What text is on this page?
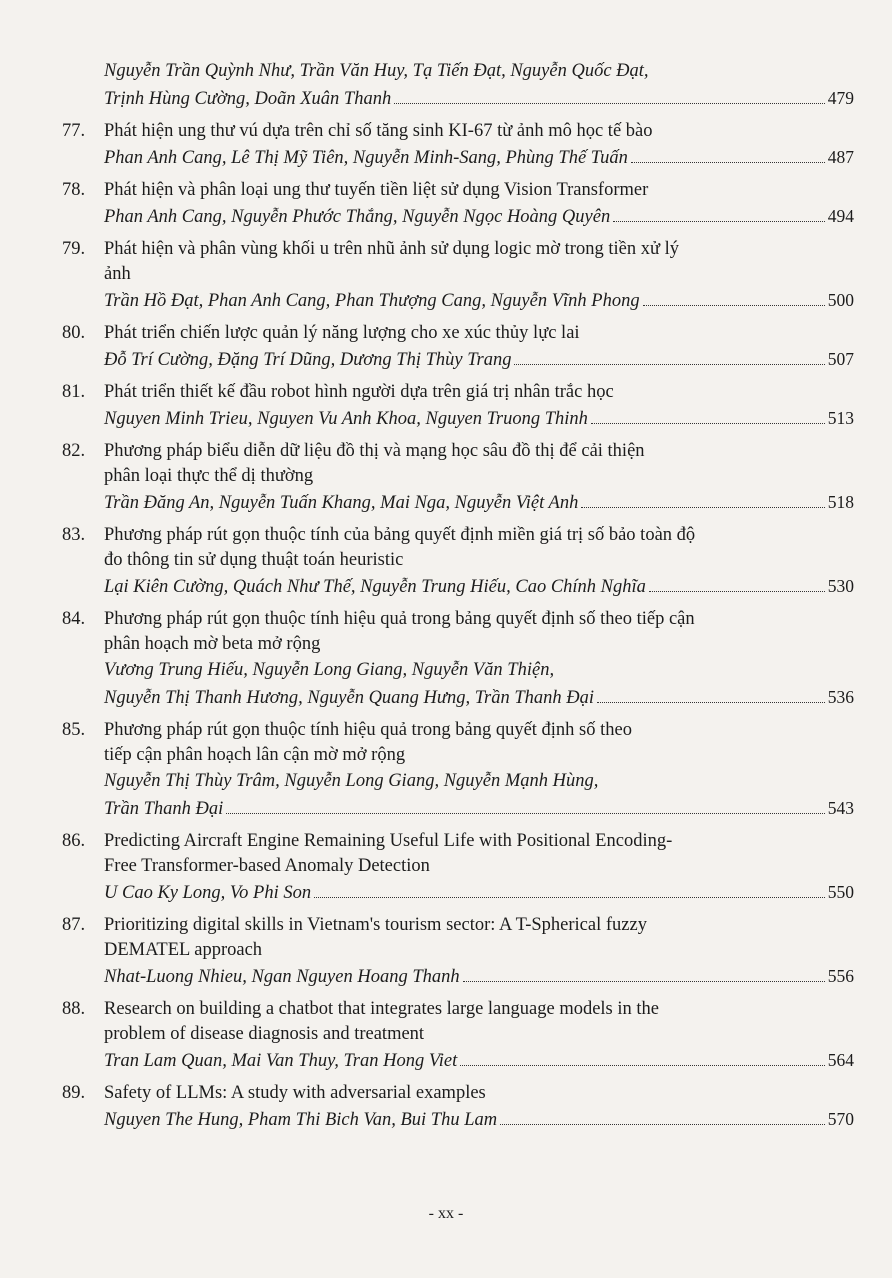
Nguyễn Trần Quỳnh Như, Trần Văn Huy, Tạ Tiến Đạt, Nguyễn Quốc Đạt,
Trịnh Hùng Cường, Doãn Xuân Thanh	479
77.	Phát hiện ung thư vú dựa trên chỉ số tăng sinh KI-67 từ ảnh mô học tế bào
Phan Anh Cang, Lê Thị Mỹ Tiên, Nguyễn Minh-Sang, Phùng Thế Tuấn	487
78.	Phát hiện và phân loại ung thư tuyến tiền liệt sử dụng Vision Transformer
Phan Anh Cang, Nguyễn Phước Thắng, Nguyễn Ngọc Hoàng Quyên	494
79.	Phát hiện và phân vùng khối u trên nhũ ảnh sử dụng logic mờ trong tiền xử lý
ảnh
Trần Hồ Đạt, Phan Anh Cang, Phan Thượng Cang, Nguyễn Vĩnh Phong	500
80.	Phát triển chiến lược quản lý năng lượng cho xe xúc thủy lực lai
Đỗ Trí Cường, Đặng Trí Dũng, Dương Thị Thùy Trang	507
81.	Phát triển thiết kế đầu robot hình người dựa trên giá trị nhân trắc học
Nguyen Minh Trieu, Nguyen Vu Anh Khoa, Nguyen Truong Thinh	513
82.	Phương pháp biểu diễn dữ liệu đồ thị và mạng học sâu đồ thị để cải thiện
phân loại thực thể dị thường
Trần Đăng An, Nguyễn Tuấn Khang, Mai Nga, Nguyễn Việt Anh	518
83.	Phương pháp rút gọn thuộc tính của bảng quyết định miền giá trị số bảo toàn độ
đo thông tin sử dụng thuật toán heuristic
Lại Kiên Cường, Quách Như Thế, Nguyễn Trung Hiếu, Cao Chính Nghĩa	530
84.	Phương pháp rút gọn thuộc tính hiệu quả trong bảng quyết định số theo tiếp cận
phân hoạch mờ beta mở rộng
Vương Trung Hiếu, Nguyễn Long Giang, Nguyễn Văn Thiện,
Nguyễn Thị Thanh Hương, Nguyễn Quang Hưng, Trần Thanh Đại	536
85.	Phương pháp rút gọn thuộc tính hiệu quả trong bảng quyết định số theo
tiếp cận phân hoạch lân cận mờ mở rộng
Nguyễn Thị Thùy Trâm, Nguyễn Long Giang, Nguyễn Mạnh Hùng,
Trần Thanh Đại	543
86.	Predicting Aircraft Engine Remaining Useful Life with Positional Encoding-
Free Transformer-based Anomaly Detection
U Cao Ky Long, Vo Phi Son	550
87.	Prioritizing digital skills in Vietnam's tourism sector: A T-Spherical fuzzy
DEMATEL approach
Nhat-Luong Nhieu, Ngan Nguyen Hoang Thanh	556
88.	Research on building a chatbot that integrates large language models in the
problem of disease diagnosis and treatment
Tran Lam Quan, Mai Van Thuy, Tran Hong Viet	564
89.	Safety of LLMs: A study with adversarial examples
Nguyen The Hung, Pham Thi Bich Van, Bui Thu Lam	570
- xx -
